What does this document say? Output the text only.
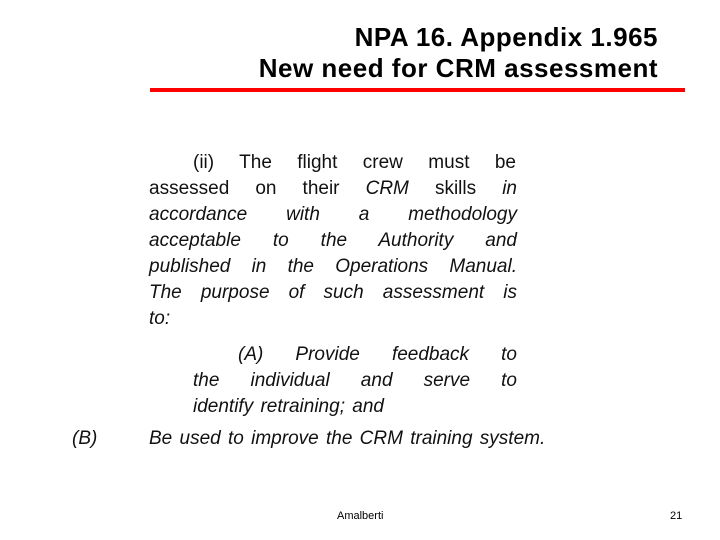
NPA 16. Appendix 1.965
New need for CRM assessment
(ii) The flight crew must be
assessed on their CRM skills in
accordance with a methodology
acceptable to the Authority and
published in the Operations Manual.
The purpose of such assessment is
to:
(A) Provide feedback to
the individual and serve to
identify retraining; and
(B)	Be used to improve the CRM training system.
Amalberti	21
